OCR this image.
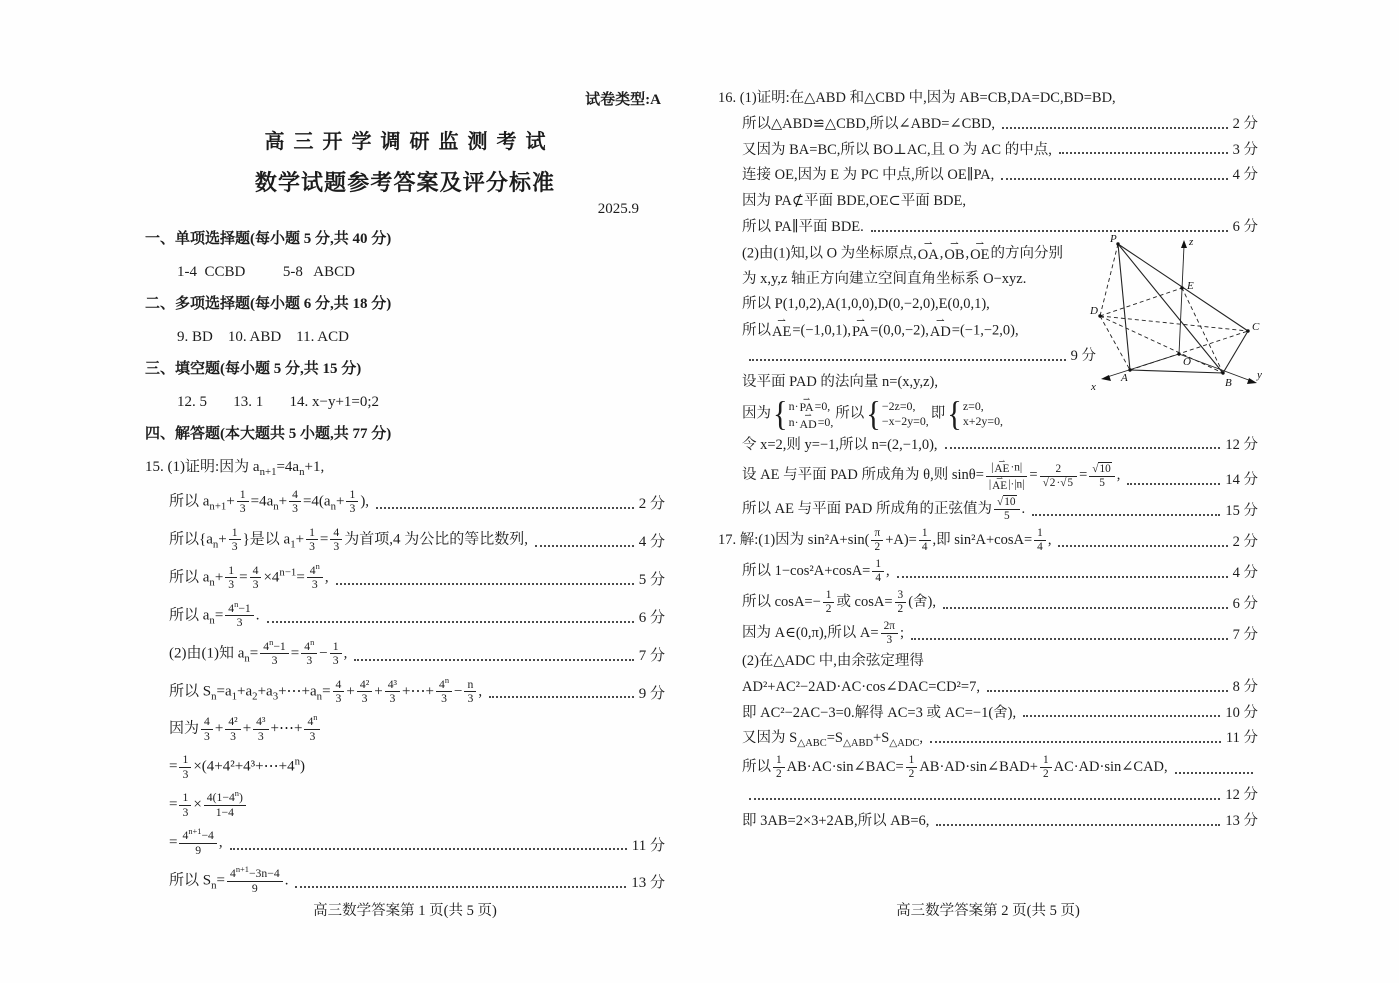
试卷类型:A
高三开学调研监测考试
数学试题参考答案及评分标准
2025.9
一、单项选择题(每小题 5 分,共 40 分)
1-4  CCBD          5-8   ABCD
二、多项选择题(每小题 6 分,共 18 分)
9. BD    10. ABD    11. ACD
三、填空题(每小题 5 分,共 15 分)
12. 5       13. 1       14. x−y+1=0;2
四、解答题(本大题共 5 小题,共 77 分)
15. (1)证明:因为 $a_{n+1}=4a_n+1$,
所以 $a_{n+1}+ \frac{1}{3} =4a_n+ \frac{4}{3} =4(a_n+ \frac{1}{3}$ ),	2 分
所以{$a_n+ \frac{1}{3}$ }是以 $a_1+ \frac{1}{3} = \frac{4}{3}$ 为首项,4 为公比的等比数列,	4 分
所以 $a_n+ \frac{1}{3} = \frac{4}{3} \times 4^{n-1}= \frac{4^n}{3}$ ,	5 分
所以 $a_n= \frac{4^n-1}{3}$ .	6 分
(2)由(1)知 $a_n= \frac{4^n-1}{3} = \frac{4^n}{3} - \frac{1}{3}$ ,	7 分
所以 $S_n=a_1+a_2+a_3+\cdots+a_n= \frac{4}{3} + \frac{\text{4²}}{3} + \frac{\text{4³}}{3}$ +⋯+ $\frac{4^n}{3} - \frac{n}{3}$ ,	9 分
因为 $\frac{4}{3} + \frac{\text{4²}}{3} + \frac{\text{4³}}{3}$ +⋯+ $\frac{4^n}{3}$
= $\frac{1}{3}$ $\times(4+4^2+4^3+\cdots+4^n)$
= $\frac{1}{3} \times \frac{4(1-4^n)}{1-4}$
= $\frac{4^{n+1}-4}{9}$ ,	11 分
所以 $S_n= \frac{4^{n+1}-3n-4}{9}$ .	13 分
高三数学答案第 1 页(共 5 页)
P	z
E
D
C
O
A	B
x
y
16. (1)证明:在△ABD 和△CBD 中,因为 AB=CB,DA=DC,BD=BD,
所以△ABD≌△CBD,所以∠ABD=∠CBD,	2 分
又因为 BA=BC,所以 BO⊥AC,且 O 为 AC 的中点,	3 分
连接 OE,因为 E 为 PC 中点,所以 OE∥PA,	4 分
因为 PA⊄平面 BDE,OE⊂平面 BDE,
所以 PA∥平面 BDE.	6 分
(2)由(1)知,以 O 为坐标原点,⇀ OA,⇀ OB,⇀ OE的方向分别
为 x,y,z 轴正方向建立空间直角坐标系 O−xyz.
所以 P(1,0,2),A(1,0,0),D(0,−2,0),E(0,0,1),
所以⇀ AE=(−1,0,1),⇀ PA=(0,0,−2),⇀ AD=(−1,−2,0),
9 分
设平面 PAD 的法向量 n=(x,y,z),
因为 { n·⇀ PA=0,
n·⇀ AD=0,
所以 { −2z=0,
−x−2y=0, 即 { z=0,
x+2y=0,
令 x=2,则 y=−1,所以 n=(2,−1,0),	12 分
设 AE 与平面 PAD 所成角为 θ,则 $\sin\theta= \frac{|⇀ AE\cdot n|}{|⇀ AE|\cdot|n|} = \frac{2}{√2\cdot√5} = \frac{√10}{5}$ ,	14 分
所以 AE 与平面 PAD 所成角的正弦值为 $\frac{√10}{5}$ .	15 分
17. 解:(1)因为 $\sin^2A+\sin( \frac{\pi}{2} +A)= \frac{1}{4}$ ,即 $\sin^2A+\cos A= \frac{1}{4}$ ,	2 分
所以 $1-\cos^2A+\cos A= \frac{1}{4}$ ,	4 分
所以 $\cos A=- \frac{1}{2}$ 或 $\cos A= \frac{3}{2}$ (舍),	6 分
因为 A∈(0,π),所以 $A= \frac{2\pi}{3}$ ;	7 分
(2)在△ADC 中,由余弦定理得
AD²+AC²−2AD·AC·cos∠DAC=CD²=7,	8 分
即 AC²−2AC−3=0.解得 AC=3 或 AC=−1(舍),	10 分
又因为 $S_{\triangle ABC}=S_{\triangle ABD}+S_{\triangle ADC}$,	11 分
所以 $\frac{1}{2}$ AB·AC·sin∠BAC= $\frac{1}{2}$ AB·AD·sin∠BAD+ $\frac{1}{2}$ AC·AD·sin∠CAD,
12 分
即 3AB=2×3+2AB,所以 AB=6,	13 分
高三数学答案第 2 页(共 5 页)
